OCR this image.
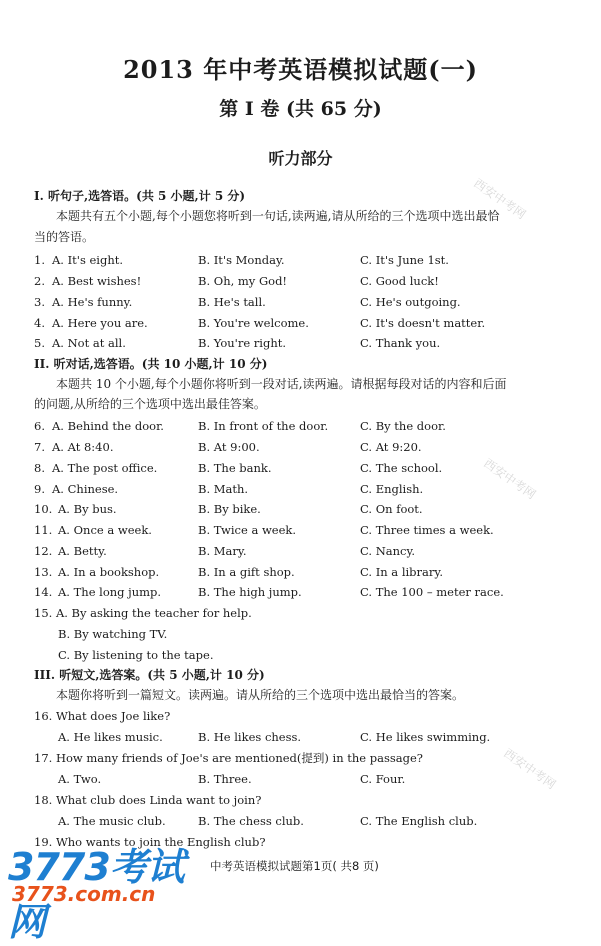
2013 年中考英语模拟试题(一)
第 I 卷 (共 65 分)
听力部分
西安中考网
西安中考网
西安中考网
I. 听句子,选答语。(共 5 小题,计 5 分)
本题共有五个小题,每个小题您将听到一句话,读两遍,请从所给的三个选项中选出最恰
当的答语。
1. A. It's eight.	B. It's Monday.	C. It's June 1st.
2. A. Best wishes!	B. Oh, my God!	C. Good luck!
3. A. He's funny.	B. He's tall.	C. He's outgoing.
4. A. Here you are.	B. You're welcome.	C. It's doesn't matter.
5. A. Not at all.	B. You're right.	C. Thank you.
II. 听对话,选答语。(共 10 小题,计 10 分)
本题共 10 个小题,每个小题你将听到一段对话,读两遍。请根据每段对话的内容和后面
的问题,从所给的三个选项中选出最佳答案。
6. A. Behind the door.	B. In front of the door.	C. By the door.
7. A. At 8:40.	B. At 9:00.	C. At 9:20.
8. A. The post office.	B. The bank.	C. The school.
9. A. Chinese.	B. Math.	C. English.
10. A. By bus.	B. By bike.	C. On foot.
11. A. Once a week.	B. Twice a week.	C. Three times a week.
12. A. Betty.	B. Mary.	C. Nancy.
13. A. In a bookshop.	B. In a gift shop.	C. In a library.
14. A. The long jump.	B. The high jump.	C. The 100 – meter race.
15. A. By asking the teacher for help.
B. By watching TV.
C. By listening to the tape.
III. 听短文,选答案。(共 5 小题,计 10 分)
本题你将听到一篇短文。读两遍。请从所给的三个选项中选出最恰当的答案。
16. What does Joe like?
A. He likes music.	B. He likes chess.	C. He likes swimming.
17. How many friends of Joe's are mentioned(提到) in the passage?
A. Two.	B. Three.	C. Four.
18. What club does Linda want to join?
A. The music club.	B. The chess club.	C. The English club.
19. Who wants to join the English club?
中考英语模拟试题第1页( 共8 页)
3773考试网
3773.com.cn
